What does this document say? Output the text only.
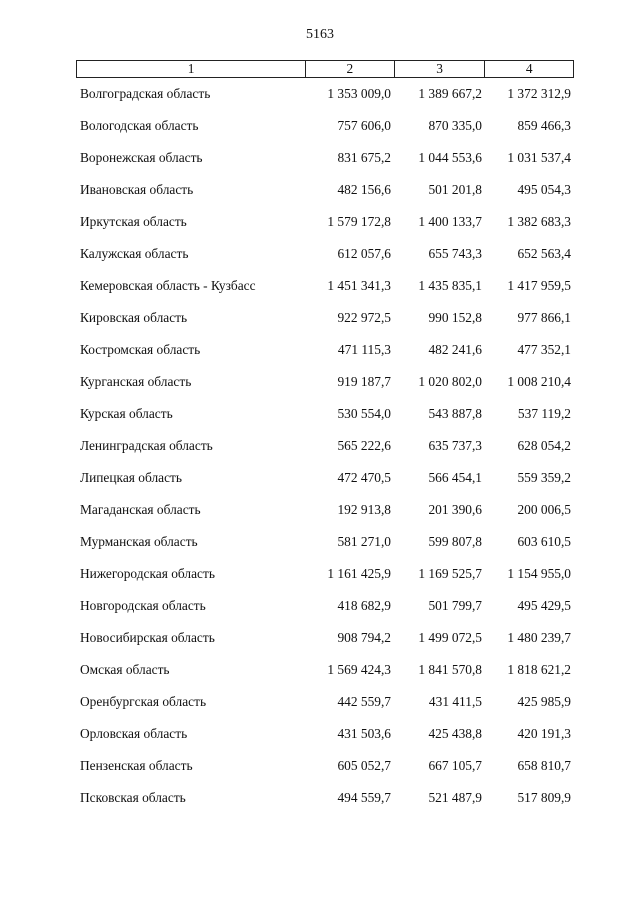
5163
1	2	3	4
Волгоградская область	1 353 009,0	1 389 667,2	1 372 312,9
Вологодская область	757 606,0	870 335,0	859 466,3
Воронежская область	831 675,2	1 044 553,6	1 031 537,4
Ивановская область	482 156,6	501 201,8	495 054,3
Иркутская область	1 579 172,8	1 400 133,7	1 382 683,3
Калужская область	612 057,6	655 743,3	652 563,4
Кемеровская область - Кузбасс	1 451 341,3	1 435 835,1	1 417 959,5
Кировская область	922 972,5	990 152,8	977 866,1
Костромская область	471 115,3	482 241,6	477 352,1
Курганская область	919 187,7	1 020 802,0	1 008 210,4
Курская область	530 554,0	543 887,8	537 119,2
Ленинградская область	565 222,6	635 737,3	628 054,2
Липецкая область	472 470,5	566 454,1	559 359,2
Магаданская область	192 913,8	201 390,6	200 006,5
Мурманская область	581 271,0	599 807,8	603 610,5
Нижегородская область	1 161 425,9	1 169 525,7	1 154 955,0
Новгородская область	418 682,9	501 799,7	495 429,5
Новосибирская область	908 794,2	1 499 072,5	1 480 239,7
Омская область	1 569 424,3	1 841 570,8	1 818 621,2
Оренбургская область	442 559,7	431 411,5	425 985,9
Орловская область	431 503,6	425 438,8	420 191,3
Пензенская область	605 052,7	667 105,7	658 810,7
Псковская область	494 559,7	521 487,9	517 809,9
